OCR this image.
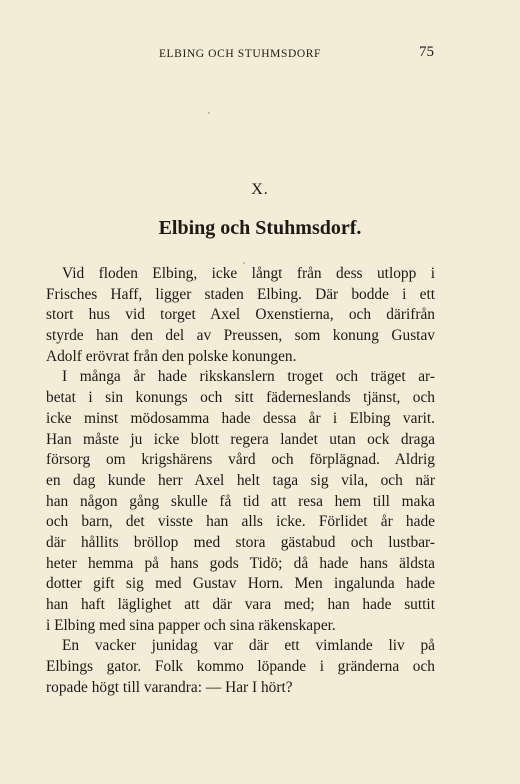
ELBING OCH STUHMSDORF	75
X.
Elbing och Stuhmsdorf.
Vid floden Elbing, icke långt från dess utlopp i
Frisches Haff, ligger staden Elbing. Där bodde i ett
stort hus vid torget Axel Oxenstierna, och därifrån
styrde han den del av Preussen, som konung Gustav
Adolf erövrat från den polske konungen.
I många år hade rikskanslern troget och träget ar-
betat i sin konungs och sitt fäderneslands tjänst, och
icke minst mödosamma hade dessa år i Elbing varit.
Han måste ju icke blott regera landet utan ock draga
försorg om krigshärens vård och förplägnad. Aldrig
en dag kunde herr Axel helt taga sig vila, och när
han någon gång skulle få tid att resa hem till maka
och barn, det visste han alls icke. Förlidet år hade
där hållits bröllop med stora gästabud och lustbar-
heter hemma på hans gods Tidö; då hade hans äldsta
dotter gift sig med Gustav Horn. Men ingalunda hade
han haft läglighet att där vara med; han hade suttit
i Elbing med sina papper och sina räkenskaper.
En vacker junidag var där ett vimlande liv på
Elbings gator. Folk kommo löpande i gränderna och
ropade högt till varandra: — Har I hört?
